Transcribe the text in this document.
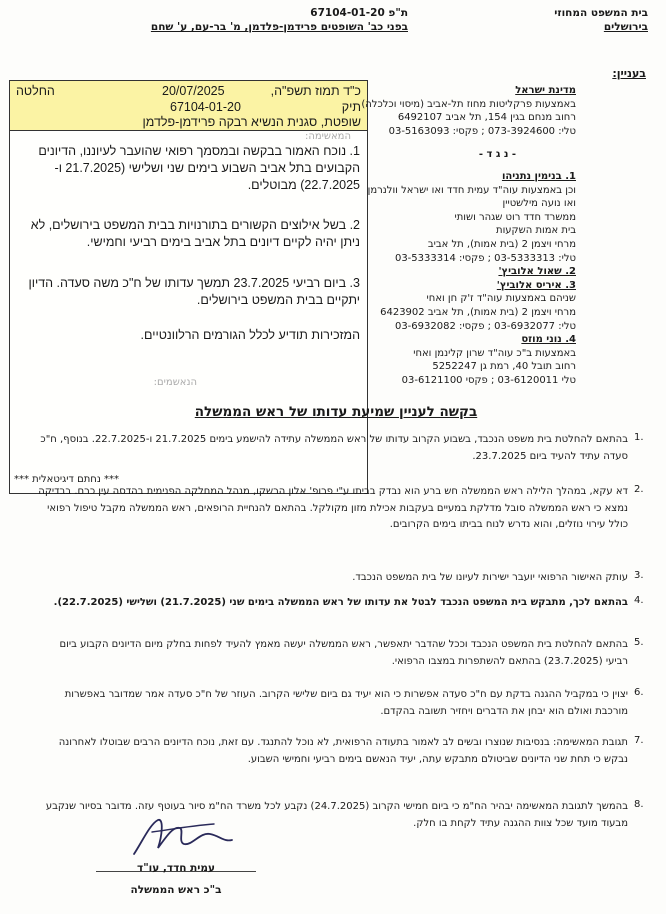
בית המשפט המחוזי
בירושלים
ת"פ 67104-01-20
בפני כב' השופטים פרידמן-פלדמן, מ' בר-עם, ע' שחם
כ"ד תמוז תשפ"ה,
20/07/2025
החלטה
תיק
67104-01-20
שופטת, סגנית הנשיא רבקה פרידמן-פלדמן
המאשימה:
1. נוכח האמור בבקשה ובמסמך רפואי שהועבר לעיוננו, הדיונים הקבועים בתל אביב השבוע בימים שני ושלישי (21.7.2025 ו- 22.7.2025) מבוטלים.
2. בשל אילוצים הקשורים בתורנויות בבית המשפט בירושלים, לא ניתן יהיה לקיים דיונים בתל אביב בימים רביעי וחמישי.
3. ביום רביעי 23.7.2025 תמשך עדותו של ח"כ משה סעדה. הדיון יתקיים בבית המשפט בירושלים.
המזכירות תודיע לכלל הגורמים הרלוונטיים.
הנאשמים:
*** נחתם דיגיטאלית ***
בעניין:
מדינת ישראל
באמצעות פרקליטות מחוז תל-אביב (מיסוי וכלכלה)
רחוב מנחם בגין 154, תל אביב 6492107
טלי: 073-3924600 ; פקסי: 03-5163093
- נ ג ד -
1. בנימין נתניהו
וכן באמצעות עוה"ד עמית חדד ואו ישראל וולנרמן
ואו נועה מילשטיין
ממשרד חדד רוט שגהר ושותי
בית אמות השקעות
מרחי ויצמן 2 (בית אמות), תל אביב
טלי: 03-5333313 ; פקסי: 03-5333314
2. שאול אלוביץ'
3. איריס אלוביץ'
שניהם באמצעות עוה"ד ז'ק חן ואחי
מרחי ויצמן 2 (בית אמות), תל אביב 6423902
טלי: 03-6932077 ; פקסי: 03-6932082
4. נוני מוזס
באמצעות ב"כ עוה"ד שרון קלינמן ואחי
רחוב תובל 40, רמת גן 5252247
טלי 03-6120011 ; פקסי 03-6121100
בקשה לעניין שמיעת עדותו של ראש הממשלה
בהתאם להחלטת בית משפט הנכבד, בשבוע הקרוב עדותו של ראש הממשלה עתידה להישמע בימים 21.7.2025 ו-22.7.2025. בנוסף, ח"כ סעדה עתיד להעיד ביום 23.7.2025.
1.
דא עקא, במהלך הלילה ראש הממשלה חש ברע הוא נבדק בביתו ע"י פרופ' אלון הרשקו, מנהל המחלקה הפנימית בהדסה עין כרם. בבדיקה נמצא כי ראש הממשלה סובל מדלקת במעיים בעקבות אכילת מזון מקולקל. בהתאם להנחיית הרופאים, ראש הממשלה מקבל טיפול רפואי כולל עירוי נוזלים, והוא נדרש לנוח בביתו בימים הקרובים.
2.
עותק האישור הרפואי יועבר ישירות לעיונו של בית המשפט הנכבד. 3.
בהתאם לכך, מתבקש בית המשפט הנכבד לבטל את עדותו של ראש הממשלה בימים שני (21.7.2025) ושלישי (22.7.2025). 4.
בהתאם להחלטת בית המשפט הנכבד וככל שהדבר יתאפשר, ראש הממשלה יעשה מאמץ להעיד לפחות בחלק מיום הדיונים הקבוע ביום רביעי (23.7.2025) בהתאם להשתפרות במצבו הרפואי.
5.
יצוין כי במקביל ההגנה בדקת עם ח"כ סעדה אפשרות כי הוא יעיד גם ביום שלישי הקרוב. העוזר של ח"כ סעדה אמר שמדובר באפשרות מורכבת ואולם הוא יבחן את הדברים ויחזיר תשובה בהקדם.
6.
תגובת המאשימה: בנסיבות שנוצרו ובשים לב לאמור בתעודה הרפואית, לא נוכל להתנגד. עם זאת, נוכח הדיונים הרבים שבוטלו לאחרונה נבקש כי תחת שני הדיונים שביטולם מתבקש עתה, יעיד הנאשם בימים רביעי וחמישי השבוע.
7.
בהמשך לתגובת המאשימה יבהיר הח"מ כי ביום חמישי הקרוב (24.7.2025) נקבע לכל משרד הח"מ סיור בעוטף עזה. מדובר בסיור שנקבע מבעוד מועד שכל צוות ההגנה עתיד לקחת בו חלק.
8.
עמית חדד, עו"ד
ב"כ ראש הממשלה
